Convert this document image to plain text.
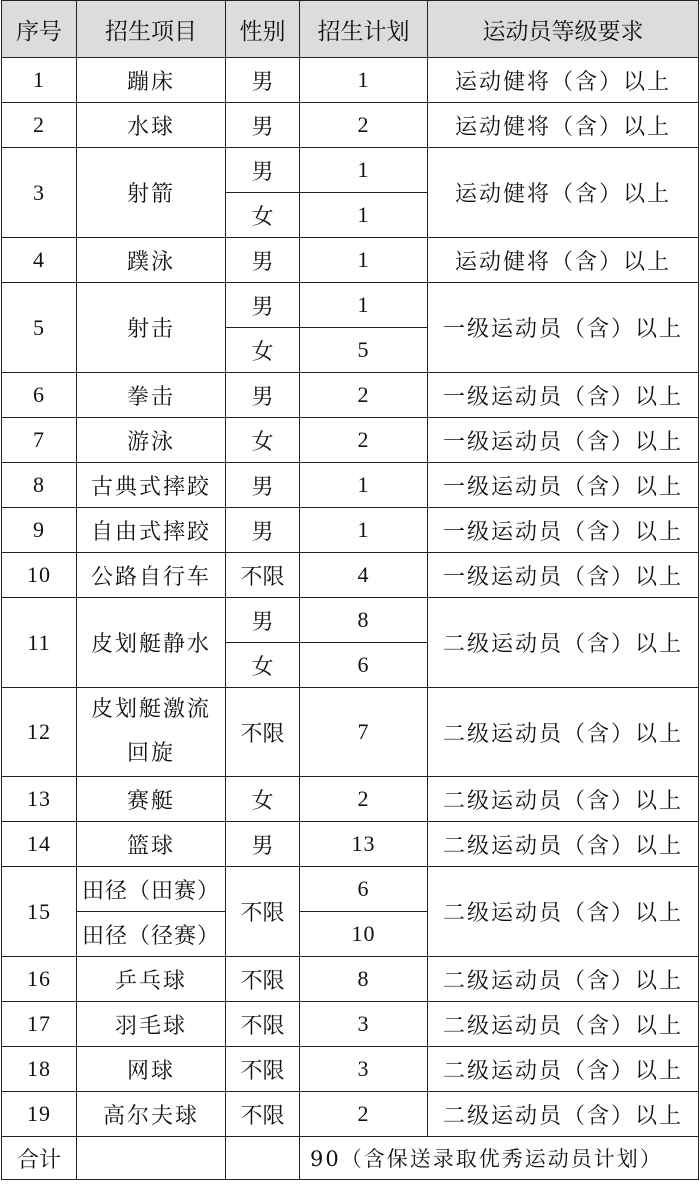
序号	招生项目	性别	招生计划	运动员等级要求
1	蹦床	男	1	运动健将（含）以上
2	水球	男	2	运动健将（含）以上
3	射箭	男	1	运动健将（含）以上
		女	1	
4	蹼泳	男	1	运动健将（含）以上
5	射击	男	1	一级运动员（含）以上
		女	5	
6	拳击	男	2	一级运动员（含）以上
7	游泳	女	2	一级运动员（含）以上
8	古典式摔跤	男	1	一级运动员（含）以上
9	自由式摔跤	男	1	一级运动员（含）以上
10	公路自行车	不限	4	一级运动员（含）以上
11	皮划艇静水	男	8	二级运动员（含）以上
		女	6	
12	皮划艇激流回旋	不限	7	二级运动员（含）以上
13	赛艇	女	2	二级运动员（含）以上
14	篮球	男	13	二级运动员（含）以上
15	田径（田赛）	不限	6	二级运动员（含）以上
	田径（径赛）		10	
16	乒乓球	不限	8	二级运动员（含）以上
17	羽毛球	不限	3	二级运动员（含）以上
18	网球	不限	3	二级运动员（含）以上
19	高尔夫球	不限	2	二级运动员（含）以上
合计			90（含保送录取优秀运动员计划）	
